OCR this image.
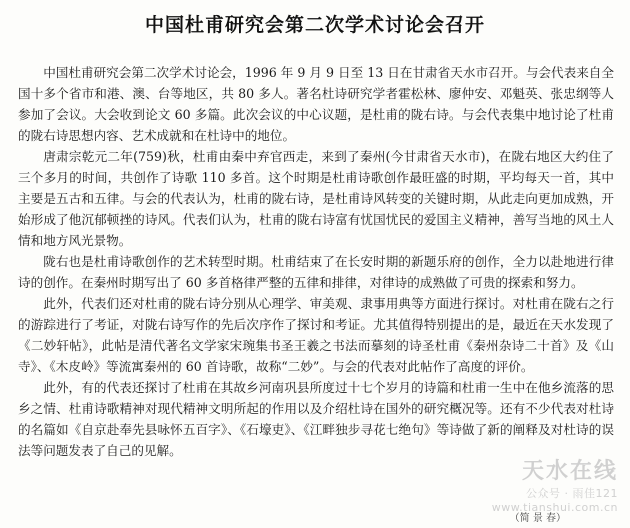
中国杜甫研究会第二次学术讨论会召开

中国杜甫研究会第二次学术讨论会，1996 年 9 月 9 日至 13 日在甘肃省天水市召开。与会代表来自全国十多个省市和港、澳、台等地区，共 80 多人。著名杜诗研究学者霍松林、廖仲安、邓魁英、张忠纲等人参加了会议。大会收到论文 60 多篇。此次会议的中心议题，是杜甫的陇右诗。与会代表集中地讨论了杜甫的陇右诗思想内容、艺术成就和在杜诗中的地位。

唐肃宗乾元二年(759)秋，杜甫由秦中弃官西走，来到了秦州(今甘肃省天水市)，在陇右地区大约住了三个多月的时间，共创作了诗歌 110 多首。这个时期是杜甫诗歌创作最旺盛的时期，平均每天一首，其中主要是五古和五律。与会的代表认为，杜甫的陇右诗，是杜甫诗风转变的关键时期，从此走向更加成熟，开始形成了他沉郁顿挫的诗风。代表们认为，杜甫的陇右诗富有忧国忧民的爱国主义精神，善写当地的风土人情和地方风光景物。

陇右也是杜甫诗歌创作的艺术转型时期。杜甫结束了在长安时期的新题乐府的创作，全力以赴地进行律诗的创作。在秦州时期写出了 60 多首格律严整的五律和排律，对律诗的成熟做了可贵的探索和努力。

此外，代表们还对杜甫的陇右诗分别从心理学、审美观、隶事用典等方面进行探讨。对杜甫在陇右之行的游踪进行了考证，对陇右诗写作的先后次序作了探讨和考证。尤其值得特别提出的是，最近在天水发现了《二妙轩帖》，此帖是清代著名文学家宋琬集书圣王羲之书法而摹刻的诗圣杜甫《秦州杂诗二十首》及《山寺》、《木皮岭》等流寓秦州的 60 首诗歌，故称“二妙”。与会的代表对此帖作了高度的评价。

此外，有的代表还探讨了杜甫在其故乡河南巩县所度过十七个岁月的诗篇和杜甫一生中在他乡流落的思乡之情、杜甫诗歌精神对现代精神文明所起的作用以及介绍杜诗在国外的研究概况等。还有不少代表对杜诗的名篇如《自京赴奉先县咏怀五百字》、《石壕吏》、《江畔独步寻花七绝句》等诗做了新的阐释及对杜诗的误法等问题发表了自己的见解。

天水在线
公众号 · 雨佳121
www.tianshui.com.cn
（简 景 春）
